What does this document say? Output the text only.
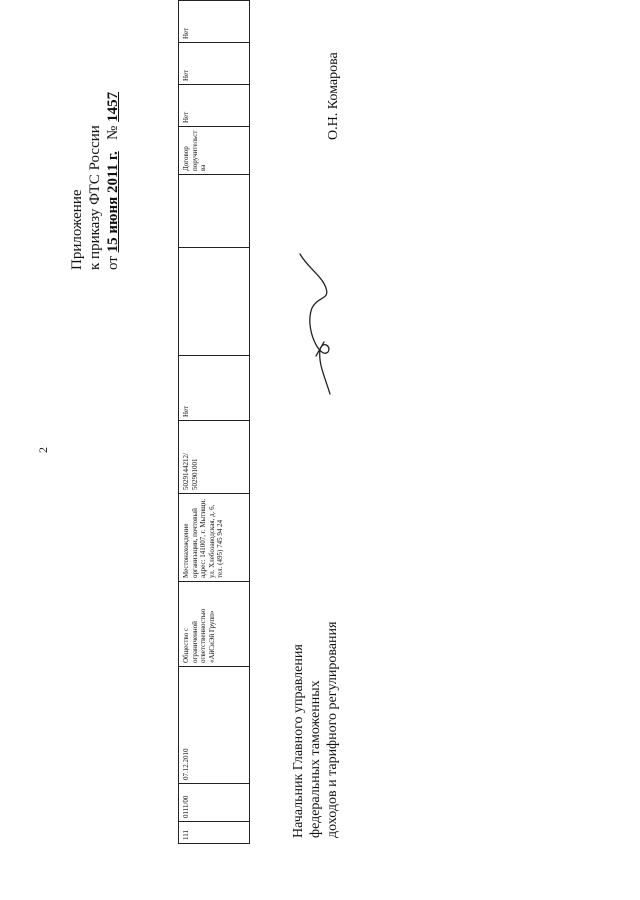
2
Приложение к приказу ФТС России от 15 июня 2011 г.   № 1457
111	0111/00	07.12.2010	Общество с ограниченной ответственностью «АйСиЭй Групп»	Местонахождение организации, почтовый адрес: 141007, г. Мытищи, ул. Хлебозаводская, д. 6, тел. (495) 745 94 24	5029144212/ 502901001	Нет			Договор поручительства	Нет	Нет	Нет		
Начальник Главного управления федеральных таможенных доходов и тарифного регулирования
О.Н. Комарова
